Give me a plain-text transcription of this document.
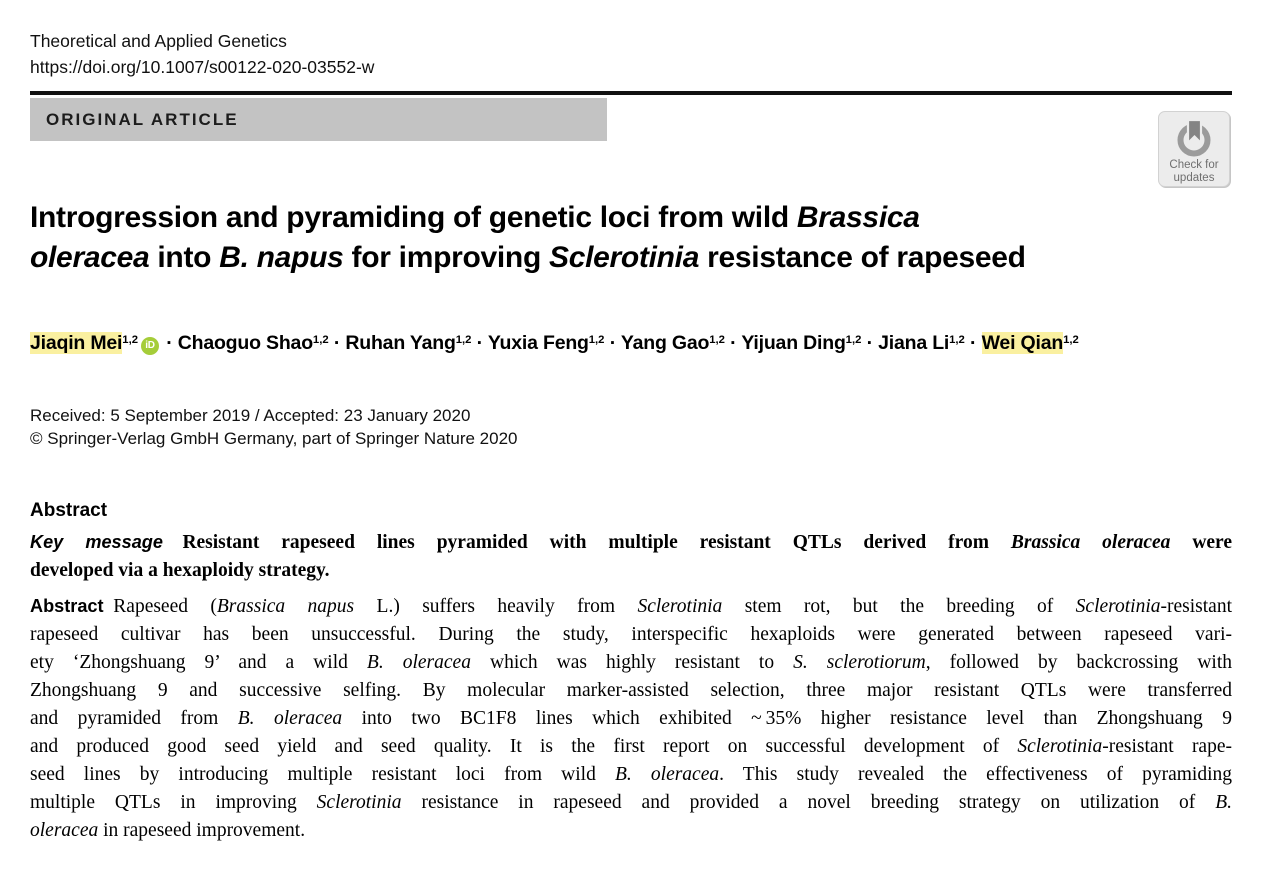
Theoretical and Applied Genetics
https://doi.org/10.1007/s00122-020-03552-w
ORIGINAL ARTICLE
Check for
updates
Introgression and pyramiding of genetic loci from wild Brassica
oleracea into B. napus for improving Sclerotinia resistance of rapeseed
Jiaqin Mei$^{1,2}$ iD · Chaoguo Shao$^{1,2}$ · Ruhan Yang$^{1,2}$ · Yuxia Feng$^{1,2}$ · Yang Gao$^{1,2}$ · Yijuan Ding$^{1,2}$ · Jiana Li$^{1,2}$ · Wei Qian$^{1,2}$
Received: 5 September 2019 / Accepted: 23 January 2020
© Springer-Verlag GmbH Germany, part of Springer Nature 2020
Abstract
Key message   Resistant rapeseed lines pyramided with multiple resistant QTLs derived from Brassica oleracea were
developed via a hexaploidy strategy.
Abstract  Rapeseed (Brassica napus L.) suffers heavily from Sclerotinia stem rot, but the breeding of Sclerotinia-resistant
rapeseed cultivar has been unsuccessful. During the study, interspecific hexaploids were generated between rapeseed vari-
ety ‘Zhongshuang 9’ and a wild B. oleracea which was highly resistant to S. sclerotiorum, followed by backcrossing with
Zhongshuang 9 and successive selfing. By molecular marker-assisted selection, three major resistant QTLs were transferred
and pyramided from B. oleracea into two BC1F8 lines which exhibited ~ 35% higher resistance level than Zhongshuang 9
and produced good seed yield and seed quality. It is the first report on successful development of Sclerotinia-resistant rape-
seed lines by introducing multiple resistant loci from wild B. oleracea. This study revealed the effectiveness of pyramiding
multiple QTLs in improving Sclerotinia resistance in rapeseed and provided a novel breeding strategy on utilization of B.
oleracea in rapeseed improvement.
